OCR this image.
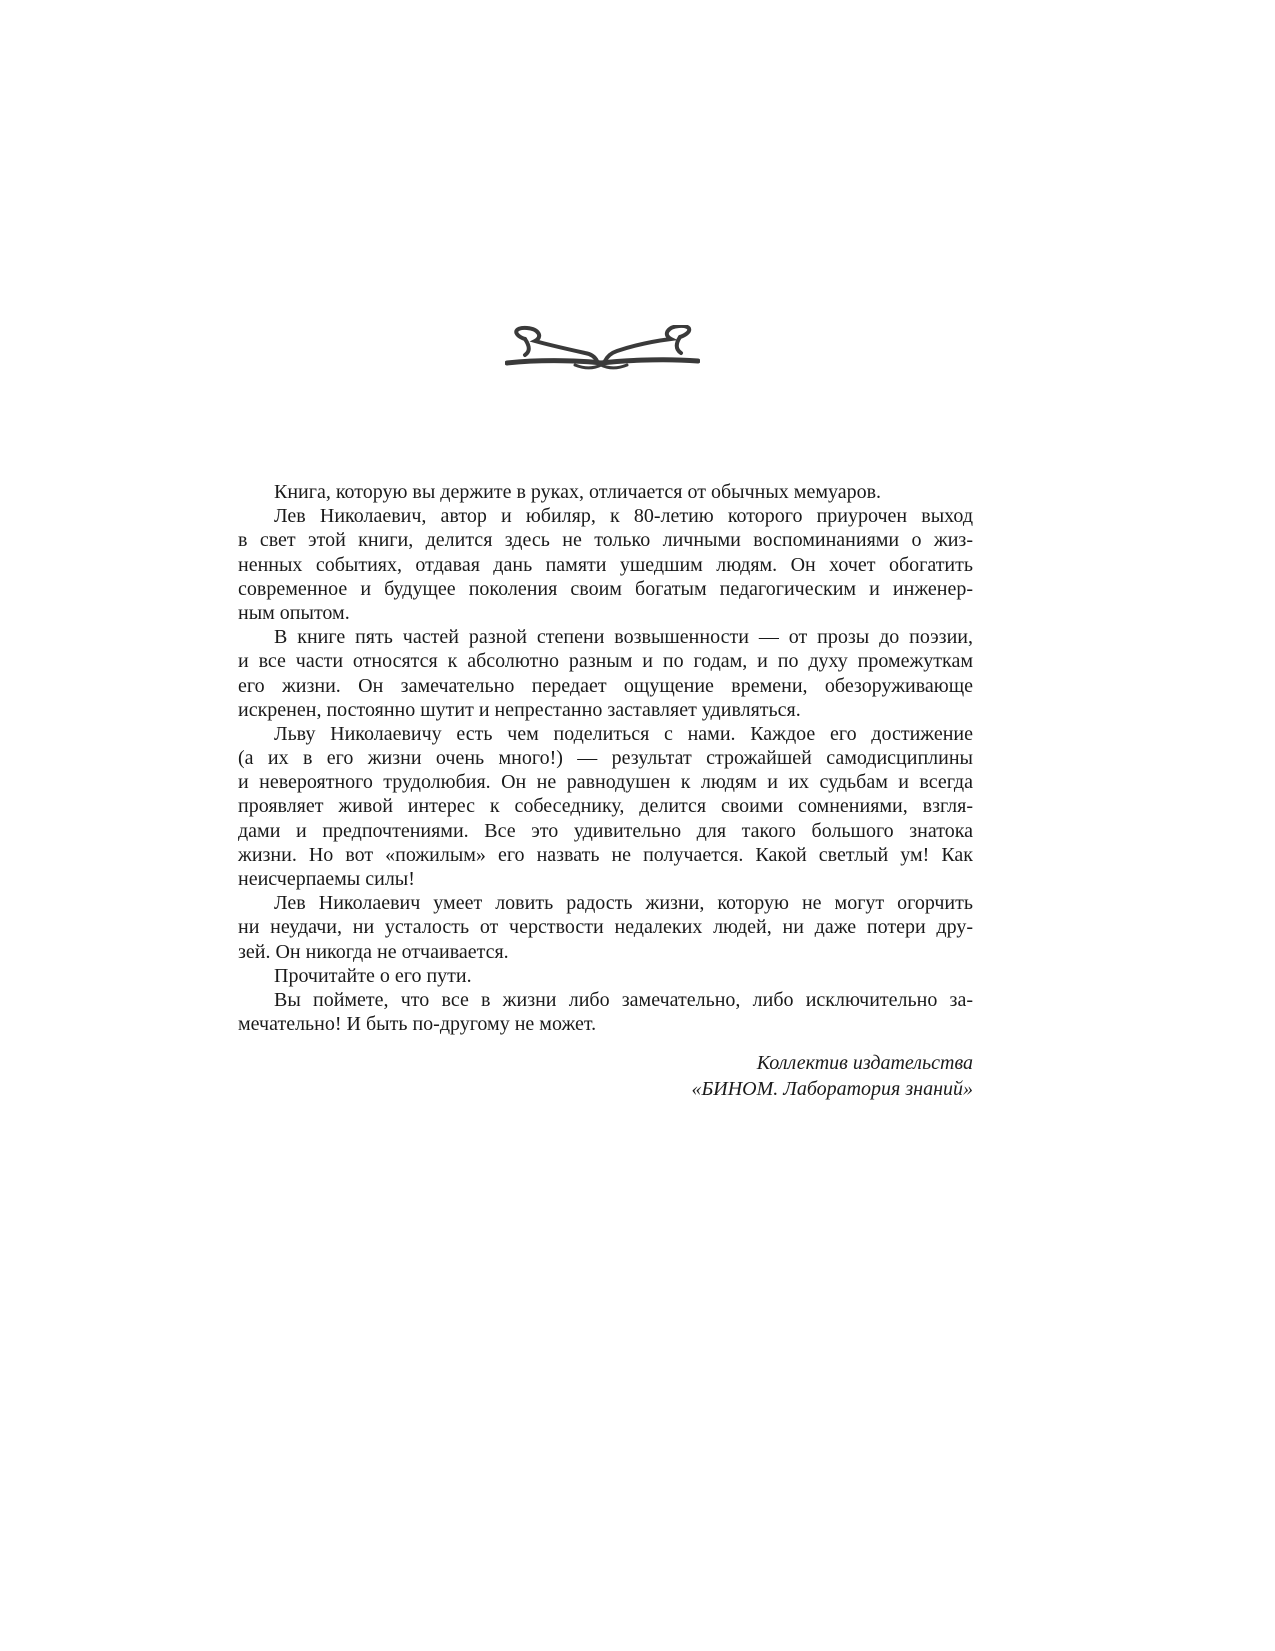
Книга, которую вы держите в руках, отличается от обычных мемуаров.
Лев Николаевич, автор и юбиляр, к 80-летию которого приурочен выход
в свет этой книги, делится здесь не только личными воспоминаниями о жиз-
ненных событиях, отдавая дань памяти ушедшим людям. Он хочет обогатить
современное и будущее поколения своим богатым педагогическим и инженер-
ным опытом.
В книге пять частей разной степени возвышенности — от прозы до поэзии,
и все части относятся к абсолютно разным и по годам, и по духу промежуткам
его жизни. Он замечательно передает ощущение времени, обезоруживающе
искренен, постоянно шутит и непрестанно заставляет удивляться.
Льву Николаевичу есть чем поделиться с нами. Каждое его достижение
(а их в его жизни очень много!) — результат строжайшей самодисциплины
и невероятного трудолюбия. Он не равнодушен к людям и их судьбам и всегда
проявляет живой интерес к собеседнику, делится своими сомнениями, взгля-
дами и предпочтениями. Все это удивительно для такого большого знатока
жизни. Но вот «пожилым» его назвать не получается. Какой светлый ум! Как
неисчерпаемы силы!
Лев Николаевич умеет ловить радость жизни, которую не могут огорчить
ни неудачи, ни усталость от черствости недалеких людей, ни даже потери дру-
зей. Он никогда не отчаивается.
Прочитайте о его пути.
Вы поймете, что все в жизни либо замечательно, либо исключительно за-
мечательно! И быть по-другому не может.
Коллектив издательства
«БИНОМ. Лаборатория знаний»
